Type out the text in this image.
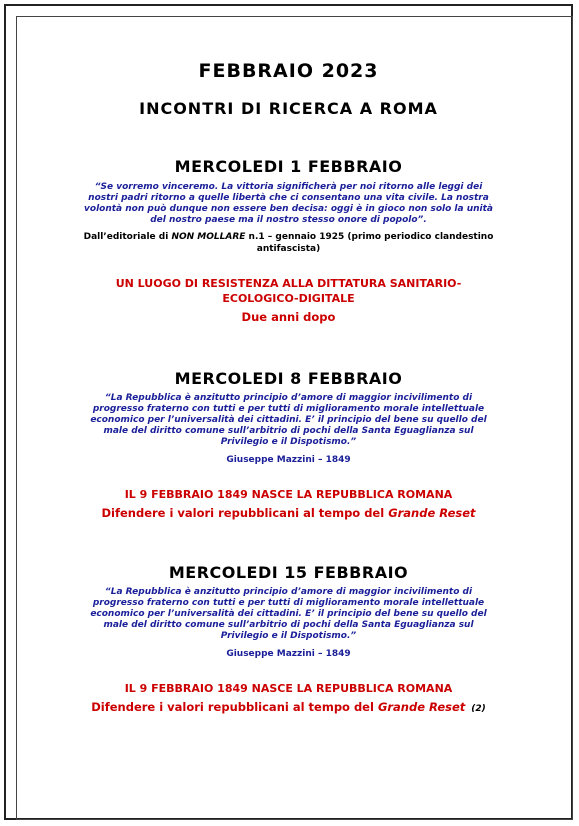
FEBBRAIO 2023
INCONTRI DI RICERCA A ROMA
MERCOLEDI 1 FEBBRAIO
“Se vorremo vinceremo. La vittoria significherà per noi ritorno alle leggi dei
nostri padri ritorno a quelle libertà che ci consentano una vita civile. La nostra
volontà non può dunque non essere ben decisa: oggi è in gioco non solo la unità
del nostro paese ma il nostro stesso onore di popolo”.
Dall’editoriale di NON MOLLARE n.1 – gennaio 1925 (primo periodico clandestino
antifascista)
UN LUOGO DI RESISTENZA ALLA DITTATURA SANITARIO-
ECOLOGICO-DIGITALE
Due anni dopo
MERCOLEDI 8 FEBBRAIO
“La Repubblica è anzitutto principio d’amore di maggior incivilimento di
progresso fraterno con tutti e per tutti di miglioramento morale intellettuale
economico per l’universalità dei cittadini. E’ il principio del bene su quello del
male del diritto comune sull’arbitrio di pochi della Santa Eguaglianza sul
Privilegio e il Dispotismo.”
Giuseppe Mazzini – 1849
IL 9 FEBBRAIO 1849 NASCE LA REPUBBLICA ROMANA
Difendere i valori repubblicani al tempo del Grande Reset
MERCOLEDI 15 FEBBRAIO
“La Repubblica è anzitutto principio d’amore di maggior incivilimento di
progresso fraterno con tutti e per tutti di miglioramento morale intellettuale
economico per l’universalità dei cittadini. E’ il principio del bene su quello del
male del diritto comune sull’arbitrio di pochi della Santa Eguaglianza sul
Privilegio e il Dispotismo.”
Giuseppe Mazzini – 1849
IL 9 FEBBRAIO 1849 NASCE LA REPUBBLICA ROMANA
Difendere i valori repubblicani al tempo del Grande Reset (2)
